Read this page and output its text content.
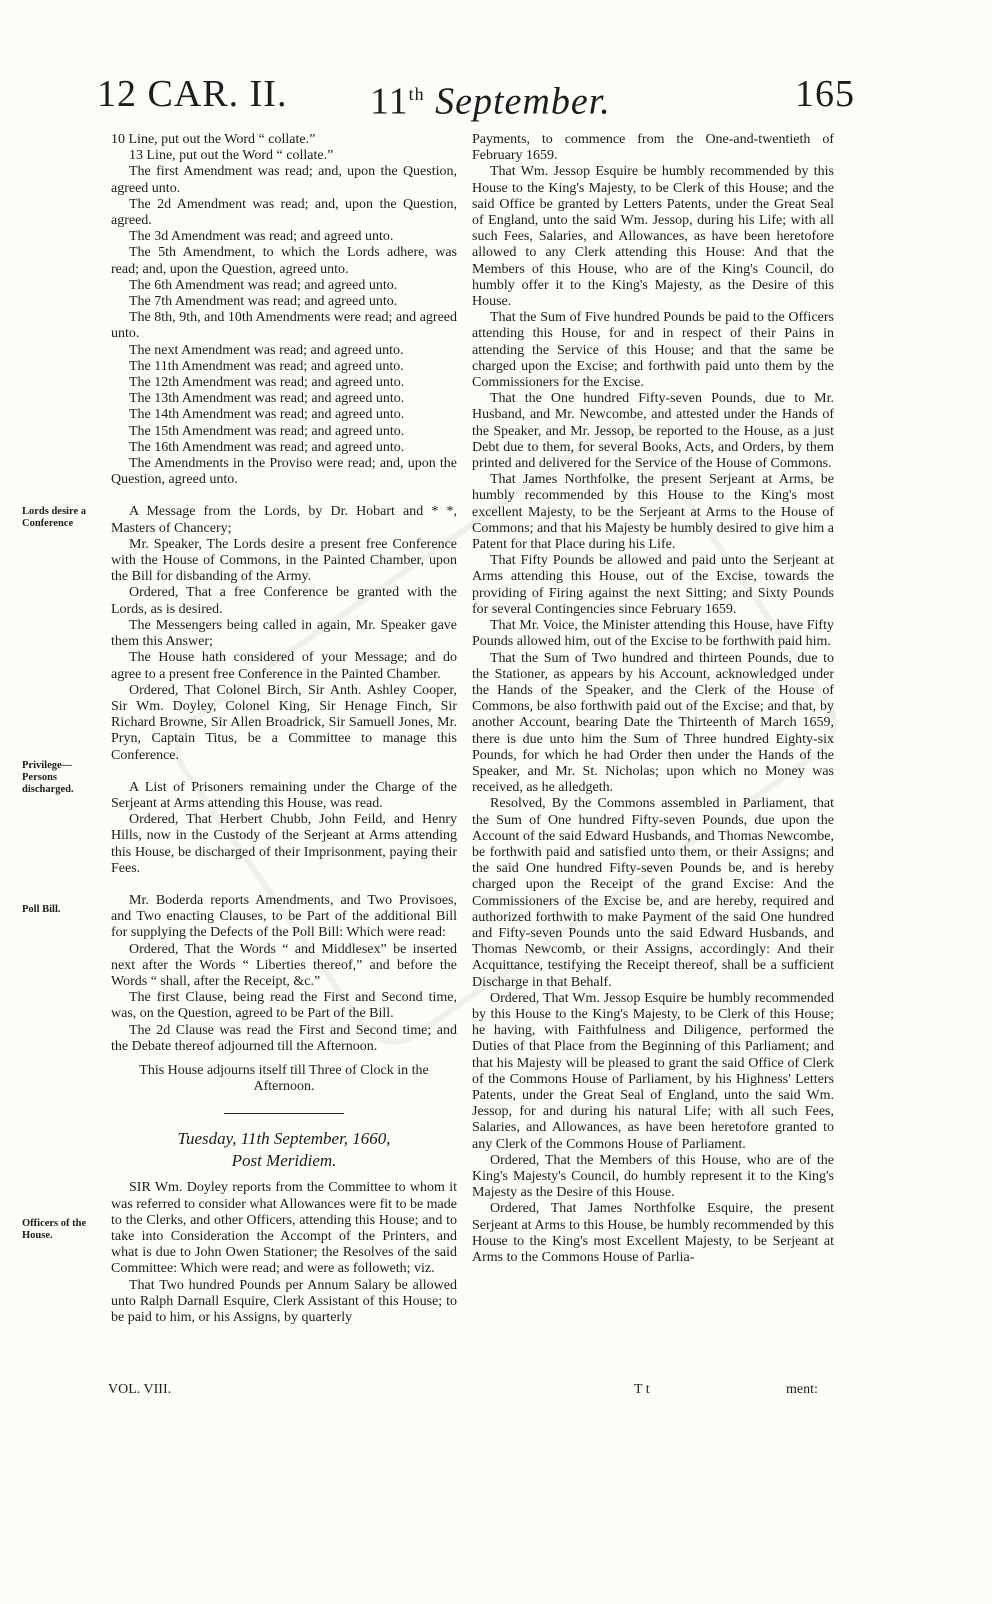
12 CAR. II. 11th September.	165

10 Line, put out the Word “ collate.”

13 Line, put out the Word “ collate.”

The first Amendment was read; and, upon the Question, agreed unto.

The 2d Amendment was read; and, upon the Question, agreed.

The 3d Amendment was read; and agreed unto.

The 5th Amendment, to which the Lords adhere, was read; and, upon the Question, agreed unto.

The 6th Amendment was read; and agreed unto.

The 7th Amendment was read; and agreed unto.

The 8th, 9th, and 10th Amendments were read; and agreed unto.

The next Amendment was read; and agreed unto.

The 11th Amendment was read; and agreed unto.

The 12th Amendment was read; and agreed unto.

The 13th Amendment was read; and agreed unto.

The 14th Amendment was read; and agreed unto.

The 15th Amendment was read; and agreed unto.

The 16th Amendment was read; and agreed unto.

The Amendments in the Proviso were read; and, upon the Question, agreed unto.

A Message from the Lords, by Dr. Hobart and * *, Masters of Chancery;

Mr. Speaker, The Lords desire a present free Conference with the House of Commons, in the Painted Chamber, upon the Bill for disbanding of the Army.

Ordered, That a free Conference be granted with the Lords, as is desired.

The Messengers being called in again, Mr. Speaker gave them this Answer;

The House hath considered of your Message; and do agree to a present free Conference in the Painted Chamber.

Ordered, That Colonel Birch, Sir Anth. Ashley Cooper, Sir Wm. Doyley, Colonel King, Sir Henage Finch, Sir Richard Browne, Sir Allen Broadrick, Sir Samuell Jones, Mr. Pryn, Captain Titus, be a Committee to manage this Conference.

A List of Prisoners remaining under the Charge of the Serjeant at Arms attending this House, was read.

Ordered, That Herbert Chubb, John Feild, and Henry Hills, now in the Custody of the Serjeant at Arms attending this House, be discharged of their Imprisonment, paying their Fees.

Mr. Boderda reports Amendments, and Two Provisoes, and Two enacting Clauses, to be Part of the additional Bill for supplying the Defects of the Poll Bill: Which were read:

Ordered, That the Words “ and Middlesex” be inserted next after the Words “ Liberties thereof,” and before the Words “ shall, after the Receipt, &c.”

The first Clause, being read the First and Second time, was, on the Question, agreed to be Part of the Bill.

The 2d Clause was read the First and Second time; and the Debate thereof adjourned till the Afternoon.

This House adjourns itself till Three of Clock in the Afternoon.

Tuesday, 11th September, 1660,
Post Meridiem.

SIR Wm. Doyley reports from the Committee to whom it was referred to consider what Allowances were fit to be made to the Clerks, and other Officers, attending this House; and to take into Consideration the Accompt of the Printers, and what is due to John Owen Stationer; the Resolves of the said Committee: Which were read; and were as followeth; viz.

That Two hundred Pounds per Annum Salary be allowed unto Ralph Darnall Esquire, Clerk Assistant of this House; to be paid to him, or his Assigns, by quarterly

Payments, to commence from the One-and-twentieth of February 1659.

That Wm. Jessop Esquire be humbly recommended by this House to the King's Majesty, to be Clerk of this House; and the said Office be granted by Letters Patents, under the Great Seal of England, unto the said Wm. Jessop, during his Life; with all such Fees, Salaries, and Allowances, as have been heretofore allowed to any Clerk attending this House: And that the Members of this House, who are of the King's Council, do humbly offer it to the King's Majesty, as the Desire of this House.

That the Sum of Five hundred Pounds be paid to the Officers attending this House, for and in respect of their Pains in attending the Service of this House; and that the same be charged upon the Excise; and forthwith paid unto them by the Commissioners for the Excise.

That the One hundred Fifty-seven Pounds, due to Mr. Husband, and Mr. Newcombe, and attested under the Hands of the Speaker, and Mr. Jessop, be reported to the House, as a just Debt due to them, for several Books, Acts, and Orders, by them printed and delivered for the Service of the House of Commons.

That James Northfolke, the present Serjeant at Arms, be humbly recommended by this House to the King's most excellent Majesty, to be the Serjeant at Arms to the House of Commons; and that his Majesty be humbly desired to give him a Patent for that Place during his Life.

That Fifty Pounds be allowed and paid unto the Serjeant at Arms attending this House, out of the Excise, towards the providing of Firing against the next Sitting; and Sixty Pounds for several Contingencies since February 1659.

That Mr. Voice, the Minister attending this House, have Fifty Pounds allowed him, out of the Excise to be forthwith paid him.

That the Sum of Two hundred and thirteen Pounds, due to the Stationer, as appears by his Account, acknowledged under the Hands of the Speaker, and the Clerk of the House of Commons, be also forthwith paid out of the Excise; and that, by another Account, bearing Date the Thirteenth of March 1659, there is due unto him the Sum of Three hundred Eighty-six Pounds, for which he had Order then under the Hands of the Speaker, and Mr. St. Nicholas; upon which no Money was received, as he alledgeth.

Resolved, By the Commons assembled in Parliament, that the Sum of One hundred Fifty-seven Pounds, due upon the Account of the said Edward Husbands, and Thomas Newcombe, be forthwith paid and satisfied unto them, or their Assigns; and the said One hundred Fifty-seven Pounds be, and is hereby charged upon the Receipt of the grand Excise: And the Commissioners of the Excise be, and are hereby, required and authorized forthwith to make Payment of the said One hundred and Fifty-seven Pounds unto the said Edward Husbands, and Thomas Newcomb, or their Assigns, accordingly: And their Acquittance, testifying the Receipt thereof, shall be a sufficient Discharge in that Behalf.

Ordered, That Wm. Jessop Esquire be humbly recommended by this House to the King's Majesty, to be Clerk of this House; he having, with Faithfulness and Diligence, performed the Duties of that Place from the Beginning of this Parliament; and that his Majesty will be pleased to grant the said Office of Clerk of the Commons House of Parliament, by his Highness' Letters Patents, under the Great Seal of England, unto the said Wm. Jessop, for and during his natural Life; with all such Fees, Salaries, and Allowances, as have been heretofore granted to any Clerk of the Commons House of Parliament.

Ordered, That the Members of this House, who are of the King's Majesty's Council, do humbly represent it to the King's Majesty as the Desire of this House.

Ordered, That James Northfolke Esquire, the present Serjeant at Arms to this House, be humbly recommended by this House to the King's most Excellent Majesty, to be Serjeant at Arms to the Commons House of Parlia-

Lords desire a Conference
Privilege— Persons discharged.
Poll Bill.
Officers of the House.
VOL. VIII.	T t	ment:
